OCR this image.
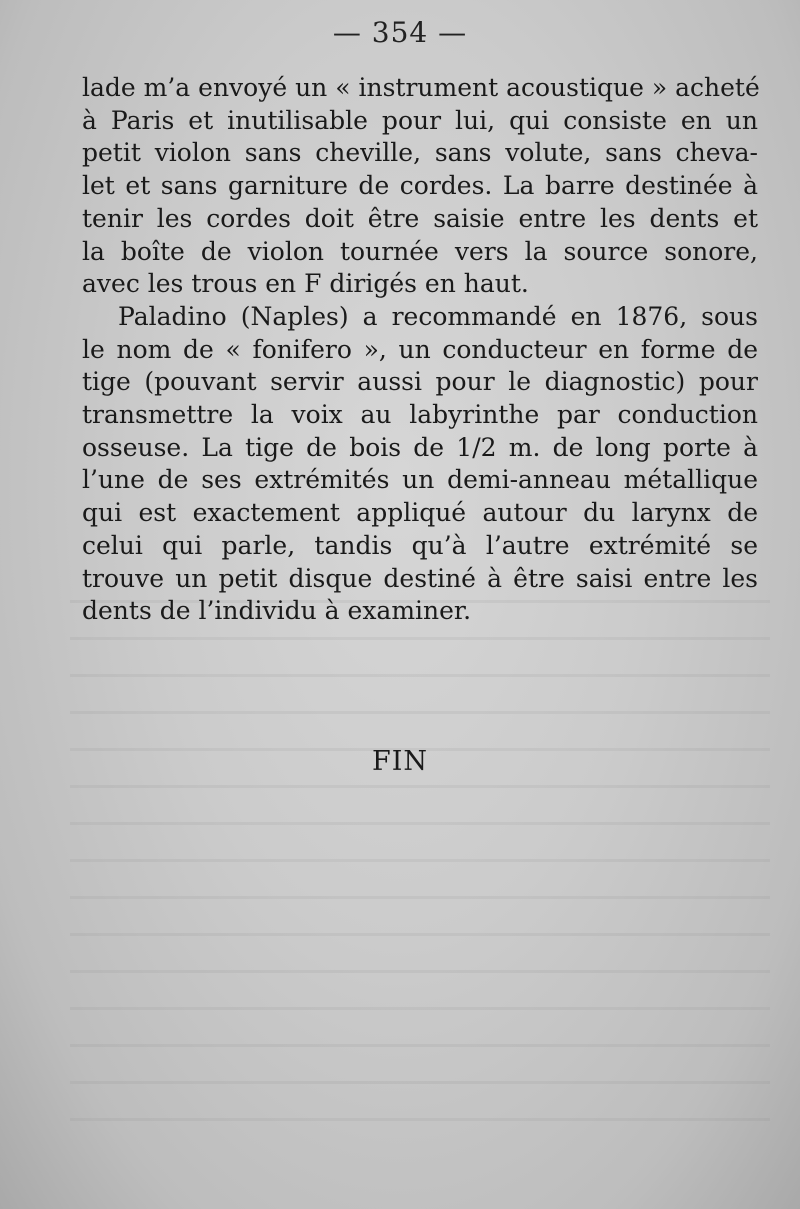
— 354 —
lade m’a envoyé un « instrument acoustique » acheté
à Paris et inutilisable pour lui, qui consiste en un
petit violon sans cheville, sans volute, sans cheva-
let et sans garniture de cordes. La barre destinée à
tenir les cordes doit être saisie entre les dents et
la boîte de violon tournée vers la source sonore,
avec les trous en F dirigés en haut.
Paladino (Naples) a recommandé en 1876, sous
le nom de « fonifero », un conducteur en forme de
tige (pouvant servir aussi pour le diagnostic) pour
transmettre la voix au labyrinthe par conduction
osseuse. La tige de bois de 1/2 m. de long porte à
l’une de ses extrémités un demi-anneau métallique
qui est exactement appliqué autour du larynx de
celui qui parle, tandis qu’à l’autre extrémité se
trouve un petit disque destiné à être saisi entre les
dents de l’individu à examiner.
FIN
